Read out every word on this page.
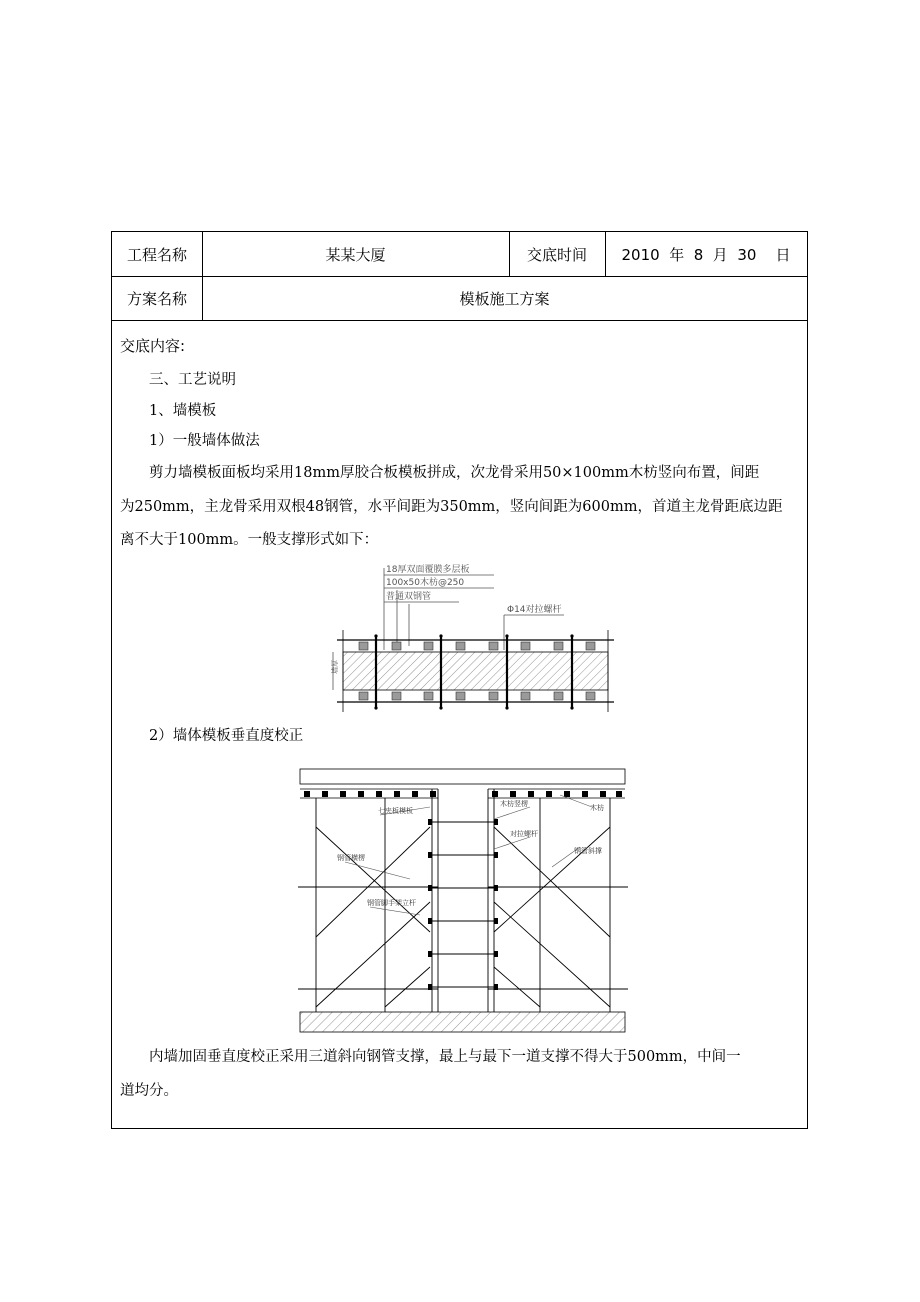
工程名称	某某大厦	交底时间	2010  年  8  月  30    日
方案名称	模板施工方案
交底内容:
三、工艺说明
1、墙模板
1）一般墙体做法
剪力墙模板面板均采用18mm厚胶合板模板拼成，次龙骨采用50×100mm木枋竖向布置，间距
为250mm，主龙骨采用双根48钢管，水平间距为350mm，竖向间距为600mm，首道主龙骨距底边距
离不大于100mm。一般支撑形式如下：
18厚双面覆膜多层板
100x50木枋@250
普通双钢管
Φ14对拉螺杆
墙厚
2）墙体模板垂直度校正
七夹板模板
钢管横楞
钢管脚手架立杆
木枋竖楞
对拉螺杆
木枋
钢管斜撑
内墙加固垂直度校正采用三道斜向钢管支撑，最上与最下一道支撑不得大于500mm，中间一
道均分。
